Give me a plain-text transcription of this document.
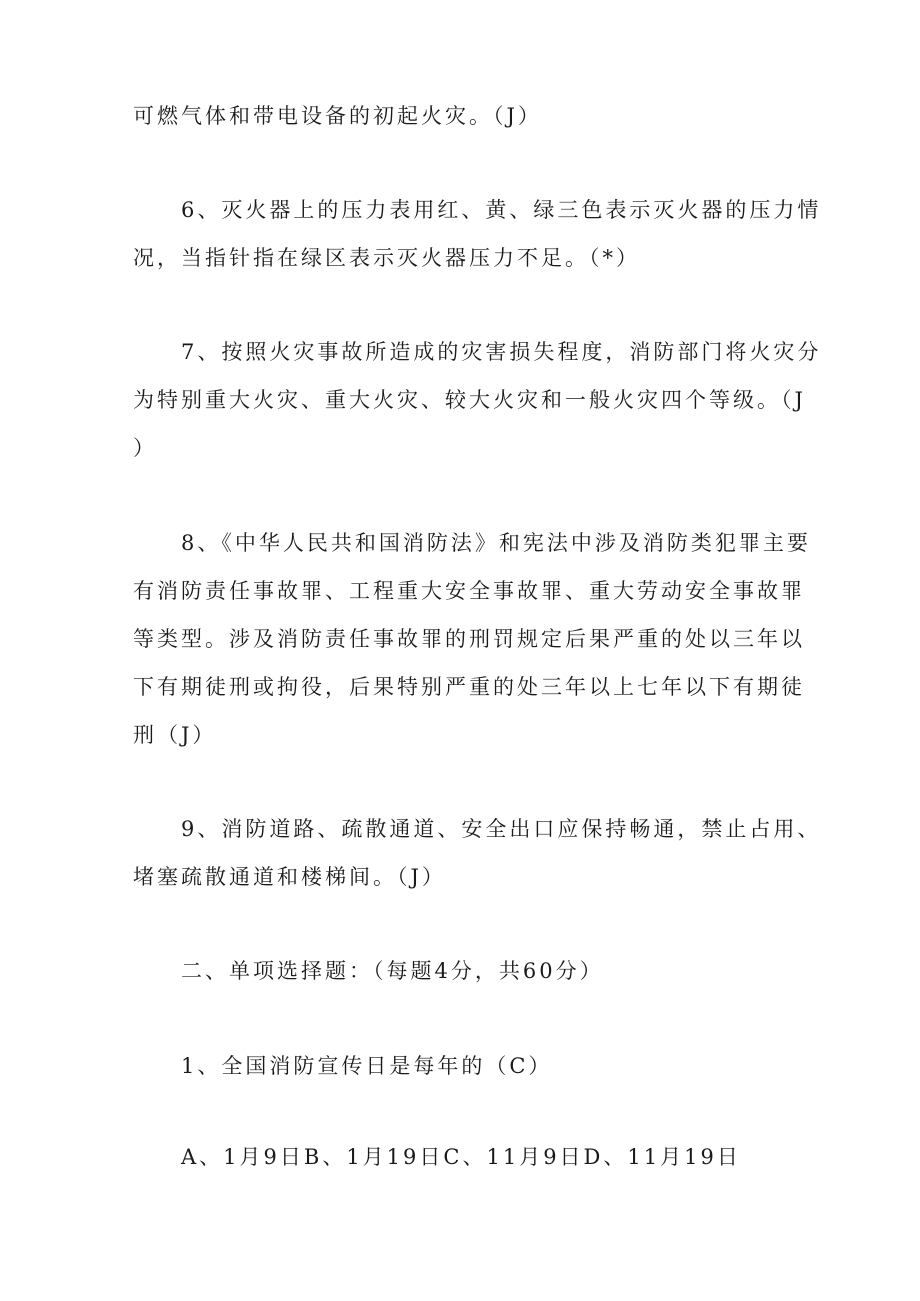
可燃气体和带电设备的初起火灾。（J）

6、灭火器上的压力表用红、黄、绿三色表示灭火器的压力情
况，当指针指在绿区表示灭火器压力不足。（*）

7、按照火灾事故所造成的灾害损失程度，消防部门将火灾分
为特别重大火灾、重大火灾、较大火灾和一般火灾四个等级。（J
）

8、《中华人民共和国消防法》和宪法中涉及消防类犯罪主要
有消防责任事故罪、工程重大安全事故罪、重大劳动安全事故罪
等类型。涉及消防责任事故罪的刑罚规定后果严重的处以三年以
下有期徒刑或拘役，后果特别严重的处三年以上七年以下有期徒
刑（J）

9、消防道路、疏散通道、安全出口应保持畅通，禁止占用、
堵塞疏散通道和楼梯间。（J）

二、单项选择题：（每题4分，共60分）

1、全国消防宣传日是每年的（C）

A、1月9日B、1月19日C、11月9日D、11月19日
